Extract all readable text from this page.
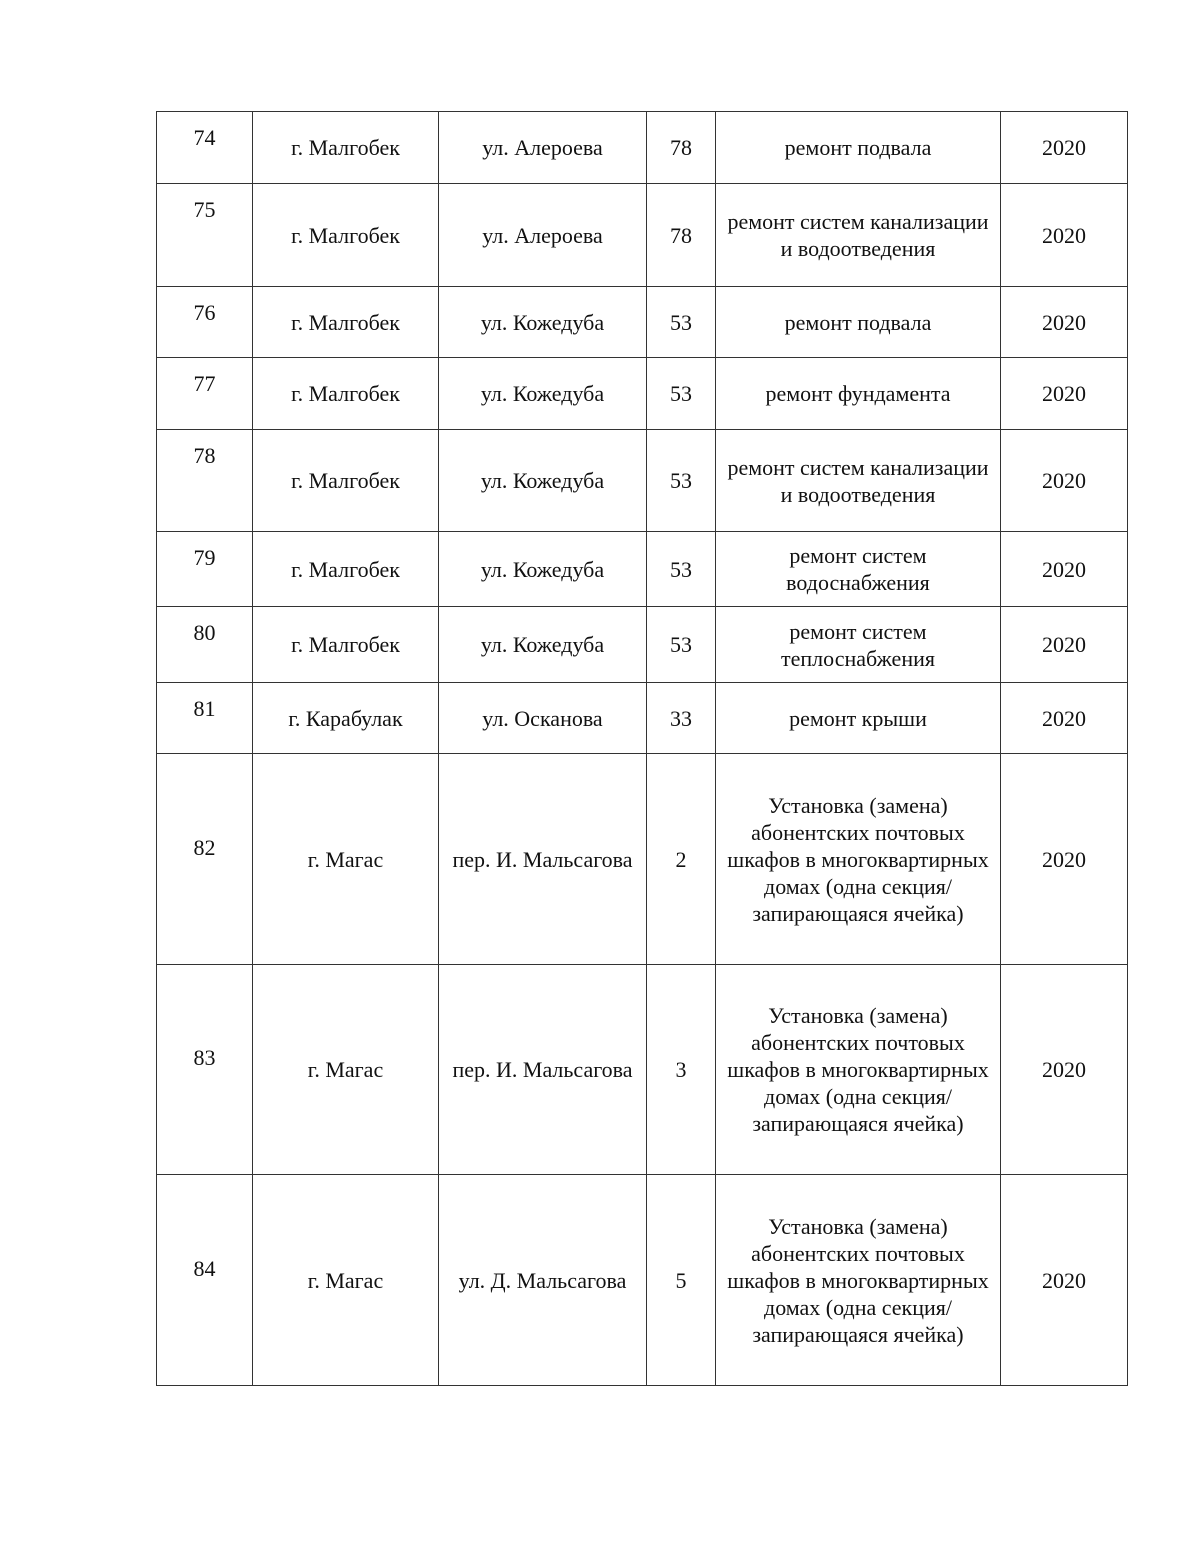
74	г. Малгобек	ул. Алероева	78	ремонт подвала	2020
75	г. Малгобек	ул. Алероева	78	ремонт систем канализации и водоотведения	2020
76	г. Малгобек	ул. Кожедуба	53	ремонт подвала	2020
77	г. Малгобек	ул. Кожедуба	53	ремонт фундамента	2020
78	г. Малгобек	ул. Кожедуба	53	ремонт систем канализации и водоотведения	2020
79	г. Малгобек	ул. Кожедуба	53	ремонт систем водоснабжения	2020
80	г. Малгобек	ул. Кожедуба	53	ремонт систем теплоснабжения	2020
81	г. Карабулак	ул. Осканова	33	ремонт крыши	2020
82	г. Магас	пер. И. Мальсагова	2	Установка (замена) абонентских почтовых шкафов в многоквартирных домах (одна секция/запирающаяся ячейка)	2020
83	г. Магас	пер. И. Мальсагова	3	Установка (замена) абонентских почтовых шкафов в многоквартирных домах (одна секция/запирающаяся ячейка)	2020
84	г. Магас	ул. Д. Мальсагова	5	Установка (замена) абонентских почтовых шкафов в многоквартирных домах (одна секция/запирающаяся ячейка)	2020
